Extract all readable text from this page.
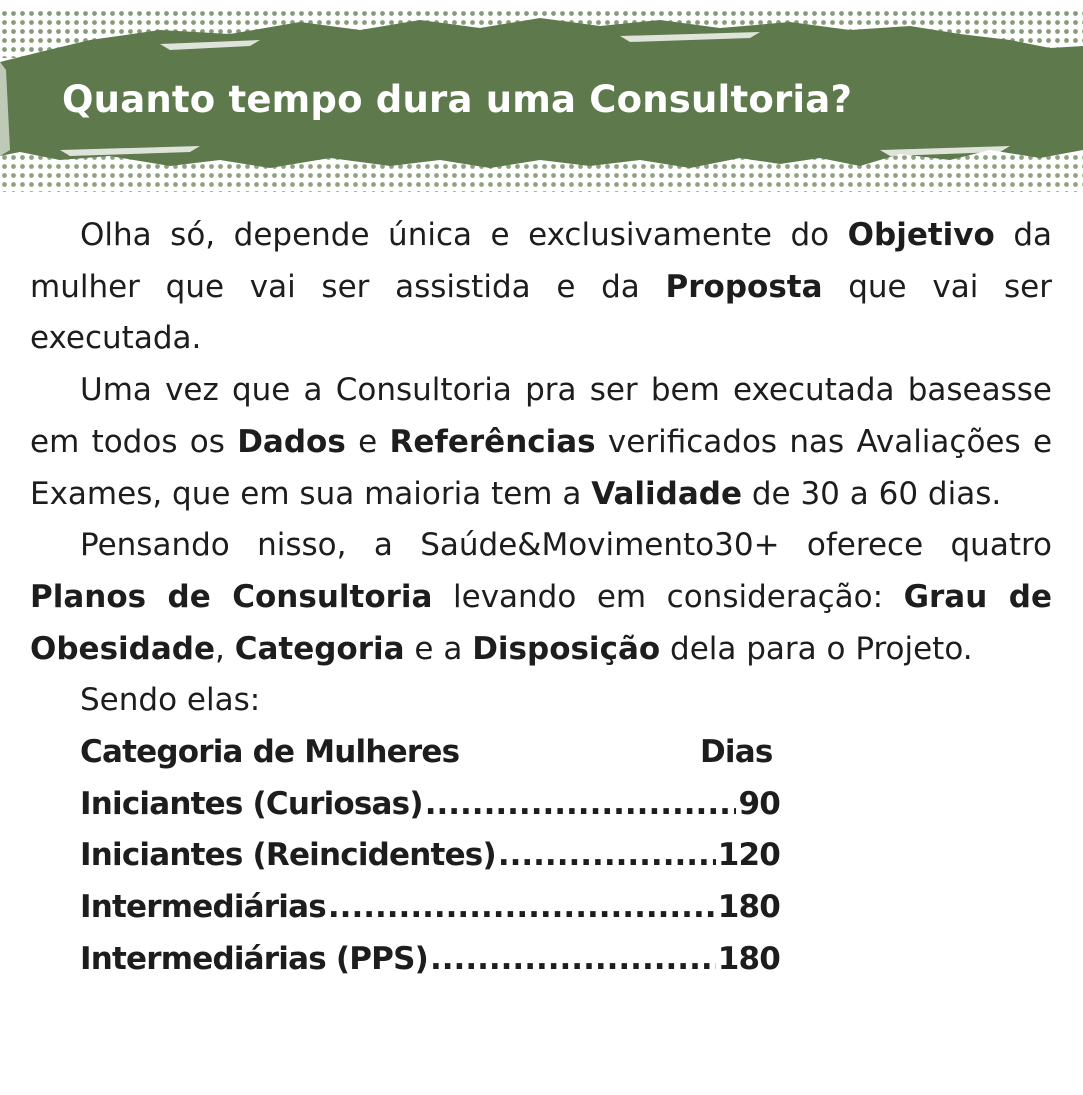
Quanto tempo dura uma Consultoria?

Olha só, depende única e exclusivamente do Objetivo da mulher que vai ser assistida e da Proposta que vai ser executada.

Uma vez que a Consultoria pra ser bem executada baseasse em todos os Dados e Referências verificados nas Avaliações e Exames, que em sua maioria tem a Validade de 30 a 60 dias.

Pensando nisso, a Saúde&Movimento30+ oferece quatro Planos de Consultoria levando em consideração: Grau de Obesidade, Categoria e a Disposição dela para o Projeto.

Sendo elas:

Categoria de Mulheres	Dias
Iniciantes (Curiosas) .....	90
Iniciantes (Reincidentes) .....	120
Intermediárias .....	180
Intermediárias (PPS) .....	180
